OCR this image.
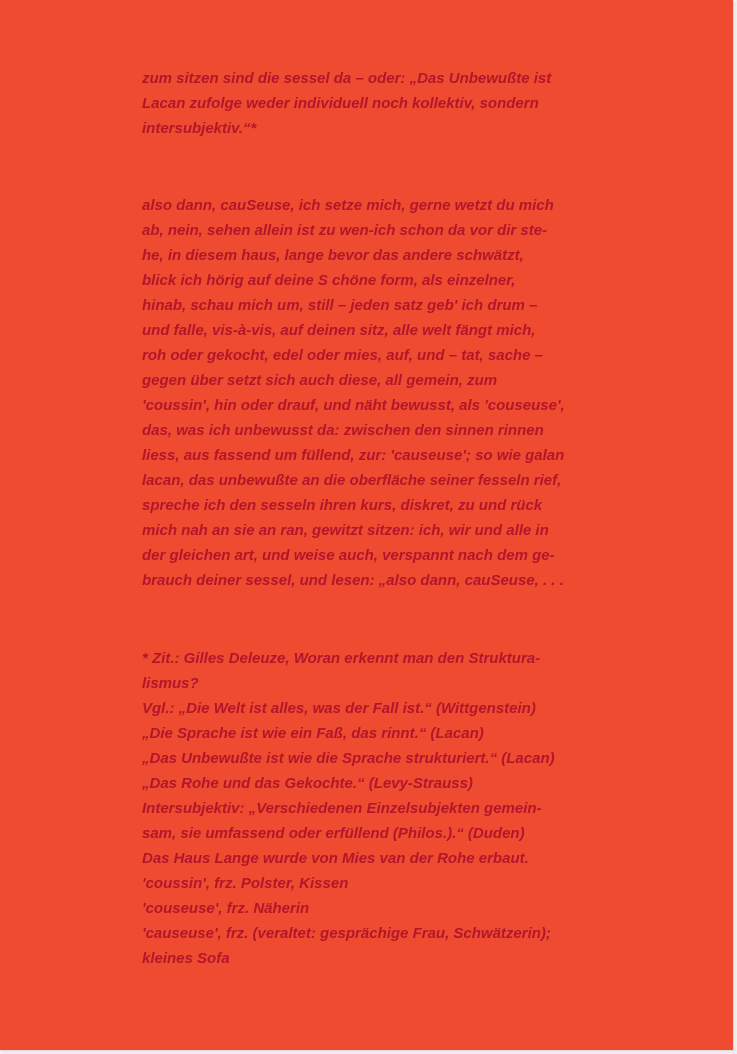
zum sitzen sind die sessel da – oder: „Das Unbewußte ist
Lacan zufolge weder individuell noch kollektiv, sondern
intersubjektiv.“*
also dann, cauSeuse, ich setze mich, gerne wetzt du mich
ab, nein, sehen allein ist zu wen-ich schon da vor dir ste-
he, in diesem haus, lange bevor das andere schwätzt,
blick ich hörig auf deine S chöne form, als einzelner,
hinab, schau mich um, still – jeden satz geb' ich drum –
und falle, vis-à-vis, auf deinen sitz, alle welt fängt mich,
roh oder gekocht, edel oder mies, auf, und – tat, sache –
gegen über setzt sich auch diese, all gemein, zum
'coussin', hin oder drauf, und näht bewusst, als 'couseuse',
das, was ich unbewusst da: zwischen den sinnen rinnen
liess, aus fassend um füllend, zur: 'causeuse'; so wie galan
lacan, das unbewußte an die oberfläche seiner fesseln rief,
spreche ich den sesseln ihren kurs, diskret, zu und rück
mich nah an sie an ran, gewitzt sitzen: ich, wir und alle in
der gleichen art, und weise auch, verspannt nach dem ge-
brauch deiner sessel, und lesen: „also dann, cauSeuse, . . .
* Zit.: Gilles Deleuze, Woran erkennt man den Struktura-
lismus?
Vgl.: „Die Welt ist alles, was der Fall ist.“ (Wittgenstein)
„Die Sprache ist wie ein Faß, das rinnt.“ (Lacan)
„Das Unbewußte ist wie die Sprache strukturiert.“ (Lacan)
„Das Rohe und das Gekochte.“ (Levy-Strauss)
Intersubjektiv: „Verschiedenen Einzelsubjekten gemein-
sam, sie umfassend oder erfüllend (Philos.).“ (Duden)
Das Haus Lange wurde von Mies van der Rohe erbaut.
'coussin', frz. Polster, Kissen
'couseuse', frz. Näherin
'causeuse', frz. (veraltet: gesprächige Frau, Schwätzerin);
kleines Sofa
